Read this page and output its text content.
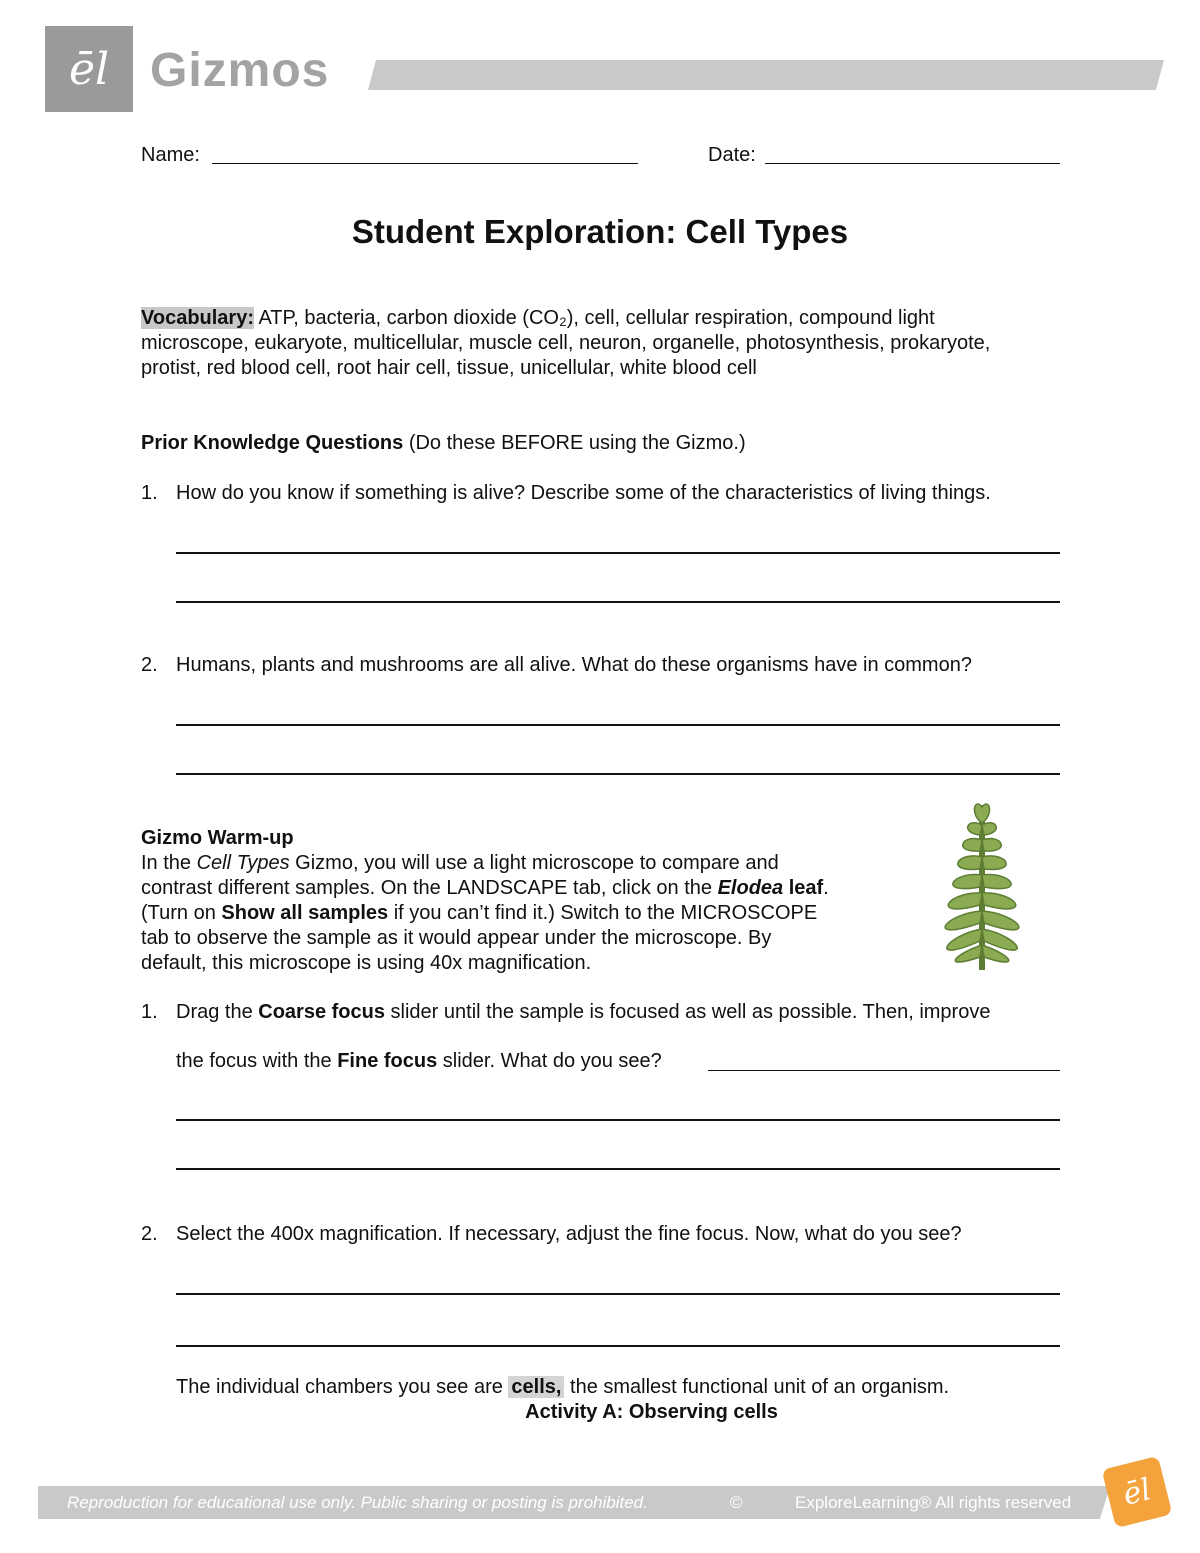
ēl Gizmos
Name:	Date:
Student Exploration: Cell Types
Vocabulary: ATP, bacteria, carbon dioxide (CO₂), cell, cellular respiration, compound light
microscope, eukaryote, multicellular, muscle cell, neuron, organelle, photosynthesis, prokaryote,
protist, red blood cell, root hair cell, tissue, unicellular, white blood cell
Prior Knowledge Questions (Do these BEFORE using the Gizmo.)
1. How do you know if something is alive? Describe some of the characteristics of living things.
2. Humans, plants and mushrooms are all alive. What do these organisms have in common?
Gizmo Warm-up
In the Cell Types Gizmo, you will use a light microscope to compare and
contrast different samples. On the LANDSCAPE tab, click on the Elodea leaf.
(Turn on Show all samples if you can’t find it.) Switch to the MICROSCOPE
tab to observe the sample as it would appear under the microscope. By
default, this microscope is using 40x magnification.
1. Drag the Coarse focus slider until the sample is focused as well as possible. Then, improve
the focus with the Fine focus slider. What do you see?
2. Select the 400x magnification. If necessary, adjust the fine focus. Now, what do you see?
The individual chambers you see are cells, the smallest functional unit of an organism.
Activity A: Observing cells
Reproduction for educational use only. Public sharing or posting is prohibited.	©	ExploreLearning® All rights reserved ēl
